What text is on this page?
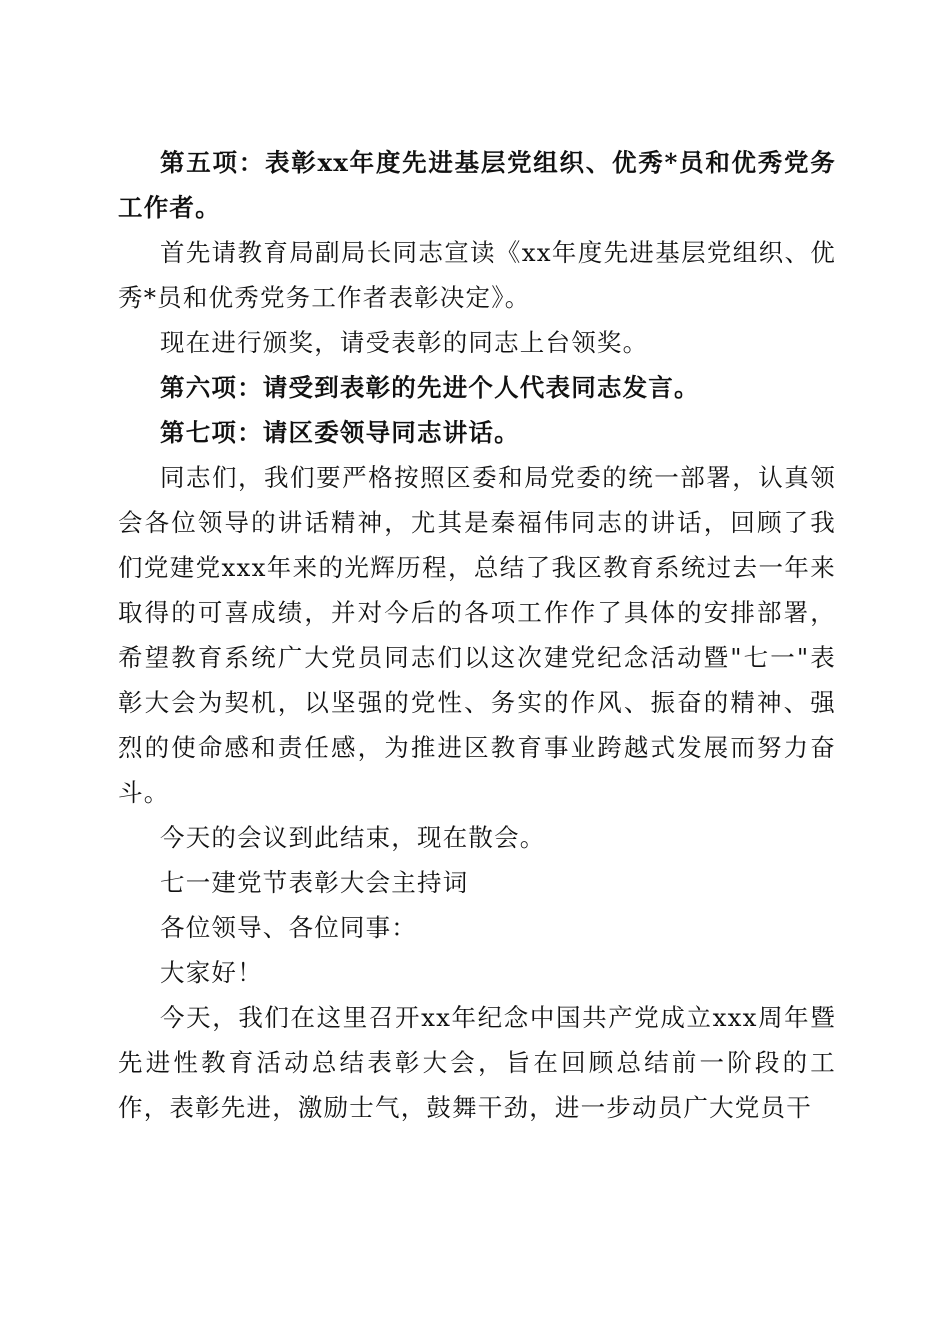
第五项：表彰xx年度先进基层党组织、优秀*员和优秀党务工作者。

首先请教育局副局长同志宣读《xx年度先进基层党组织、优秀*员和优秀党务工作者表彰决定》。

现在进行颁奖，请受表彰的同志上台领奖。

第六项：请受到表彰的先进个人代表同志发言。

第七项：请区委领导同志讲话。

同志们，我们要严格按照区委和局党委的统一部署，认真领会各位领导的讲话精神，尤其是秦福伟同志的讲话，回顾了我们党建党xxx年来的光辉历程，总结了我区教育系统过去一年来取得的可喜成绩，并对今后的各项工作作了具体的安排部署，希望教育系统广大党员同志们以这次建党纪念活动暨"七一"表彰大会为契机，以坚强的党性、务实的作风、振奋的精神、强烈的使命感和责任感，为推进区教育事业跨越式发展而努力奋斗。

今天的会议到此结束，现在散会。

七一建党节表彰大会主持词

各位领导、各位同事：

大家好！

今天，我们在这里召开xx年纪念中国共产党成立xxx周年暨先进性教育活动总结表彰大会，旨在回顾总结前一阶段的工作，表彰先进，激励士气，鼓舞干劲，进一步动员广大党员干
